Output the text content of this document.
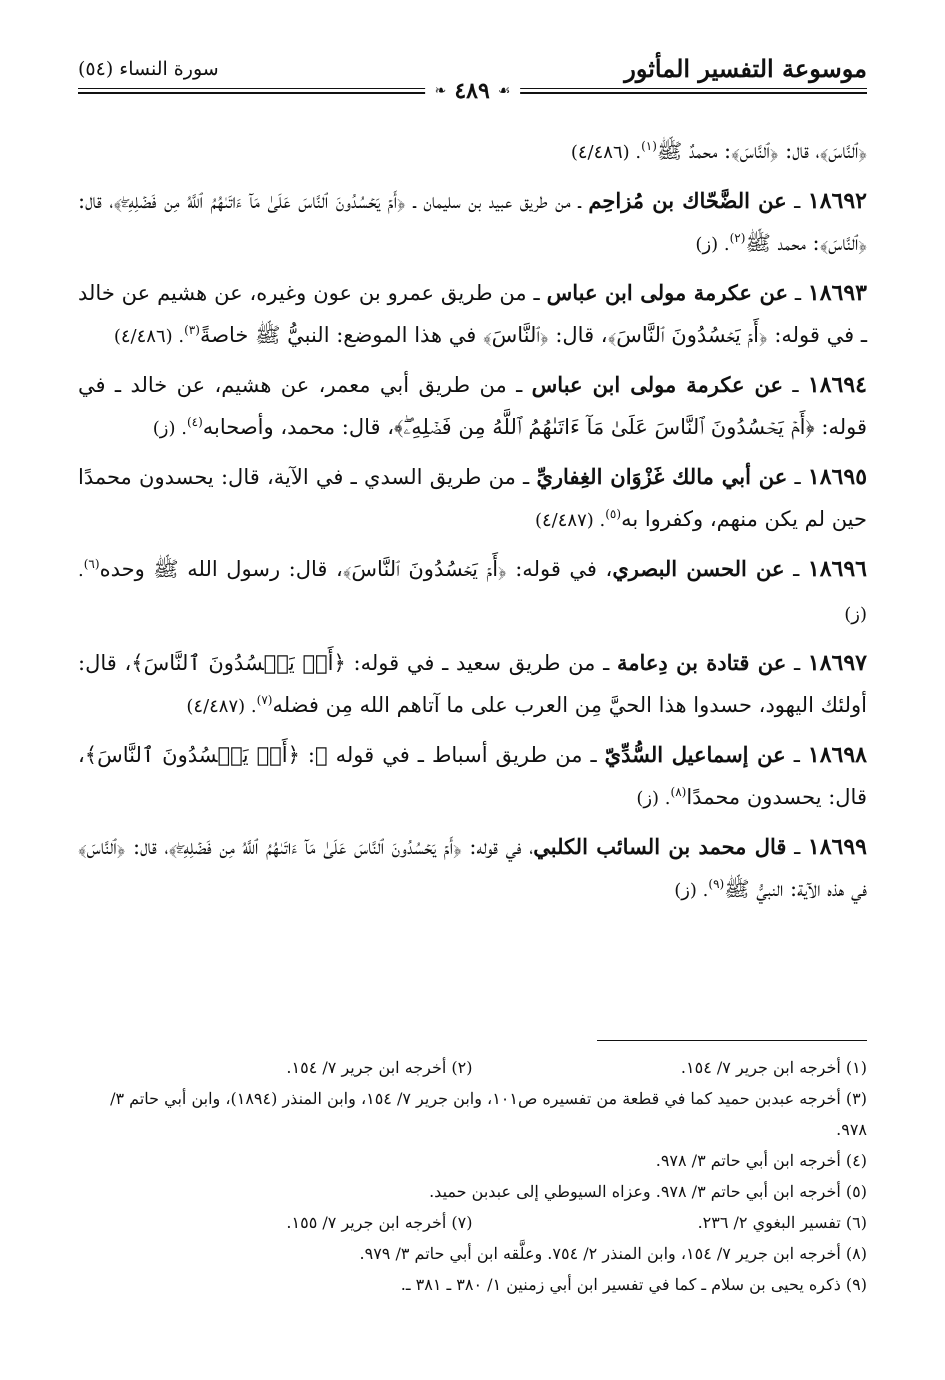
موسوعة التفسير المأثور
سورة النساء (٥٤)
❧ ٤٨٩ ☙

﴿ٱلنَّاسَ﴾، قال: ﴿ٱلنَّاسَ﴾: محمدٌ ﷺ$^{(١)}$. (٤/٤٨٦)

١٨٦٩٢ ـ عن الضَّحّاك بن مُزاحِم ـ من طريق عبيد بن سليمان ـ ﴿أَمۡ يَحۡسُدُونَ ٱلنَّاسَ عَلَىٰ مَآ ءَاتَىٰهُمُ ٱللَّهُ مِن فَضۡلِهِۦۖ﴾، قال: ﴿ٱلنَّاسَ﴾: محمد ﷺ$^{(٢)}$. (ز)

١٨٦٩٣ ـ عن عكرمة مولى ابن عباس ـ من طريق عمرو بن عون وغيره، عن هشيم عن خالد ـ في قوله: ﴿أَمۡ يَحۡسُدُونَ ٱلنَّاسَ﴾، قال: ﴿ٱلنَّاسَ﴾ في هذا الموضع: النبيُّ ﷺ خاصةً$^{(٣)}$. (٤/٤٨٦)

١٨٦٩٤ ـ عن عكرمة مولى ابن عباس ـ من طريق أبي معمر، عن هشيم، عن خالد ـ في قوله: ﴿أَمۡ يَحۡسُدُونَ ٱلنَّاسَ عَلَىٰ مَآ ءَاتَىٰهُمُ ٱللَّهُ مِن فَضۡلِهِۦۖ﴾، قال: محمد، وأصحابه$^{(٤)}$. (ز)

١٨٦٩٥ ـ عن أبي مالك غَزْوَان الغِفاريِّ ـ من طريق السدي ـ في الآية، قال: يحسدون محمدًا حين لم يكن منهم، وكفروا به$^{(٥)}$. (٤/٤٨٧)

١٨٦٩٦ ـ عن الحسن البصري، في قوله: ﴿أَمۡ يَحۡسُدُونَ ٱلنَّاسَ﴾، قال: رسول الله ﷺ وحده$^{(٦)}$. (ز)

١٨٦٩٧ ـ عن قتادة بن دِعامة ـ من طريق سعيد ـ في قوله: ﴿أَمۡ يَحۡسُدُونَ ٱلنَّاسَ﴾، قال: أولئك اليهود، حسدوا هذا الحيَّ مِن العرب على ما آتاهم الله مِن فضله$^{(٧)}$. (٤/٤٨٧)

١٨٦٩٨ ـ عن إسماعيل السُّدِّيّ ـ من طريق أسباط ـ في قوله ﷻ: ﴿أَمۡ يَحۡسُدُونَ ٱلنَّاسَ﴾، قال: يحسدون محمدًا$^{(٨)}$. (ز)

١٨٦٩٩ ـ قال محمد بن السائب الكلبي، في قوله: ﴿أَمۡ يَحۡسُدُونَ ٱلنَّاسَ عَلَىٰ مَآ ءَاتَىٰهُمُ ٱللَّهُ مِن فَضۡلِهِۦۖ﴾، قال: ﴿ٱلنَّاسَ﴾ في هذه الآية: النبيُّ ﷺ$^{(٩)}$. (ز)

(١) أخرجه ابن جرير ٧/ ١٥٤.
(٢) أخرجه ابن جرير ٧/ ١٥٤.
(٣) أخرجه عبدبن حميد كما في قطعة من تفسيره ص١٠١، وابن جرير ٧/ ١٥٤، وابن المنذر (١٨٩٤)، وابن أبي حاتم ٣/ ٩٧٨.
(٤) أخرجه ابن أبي حاتم ٣/ ٩٧٨.
(٥) أخرجه ابن أبي حاتم ٣/ ٩٧٨. وعزاه السيوطي إلى عبدبن حميد.
(٦) تفسير البغوي ٢/ ٢٣٦.
(٧) أخرجه ابن جرير ٧/ ١٥٥.
(٨) أخرجه ابن جرير ٧/ ١٥٤، وابن المنذر ٢/ ٧٥٤. وعلَّقه ابن أبي حاتم ٣/ ٩٧٩.
(٩) ذكره يحيى بن سلام ـ كما في تفسير ابن أبي زمنين ١/ ٣٨٠ ـ ٣٨١ ـ.
